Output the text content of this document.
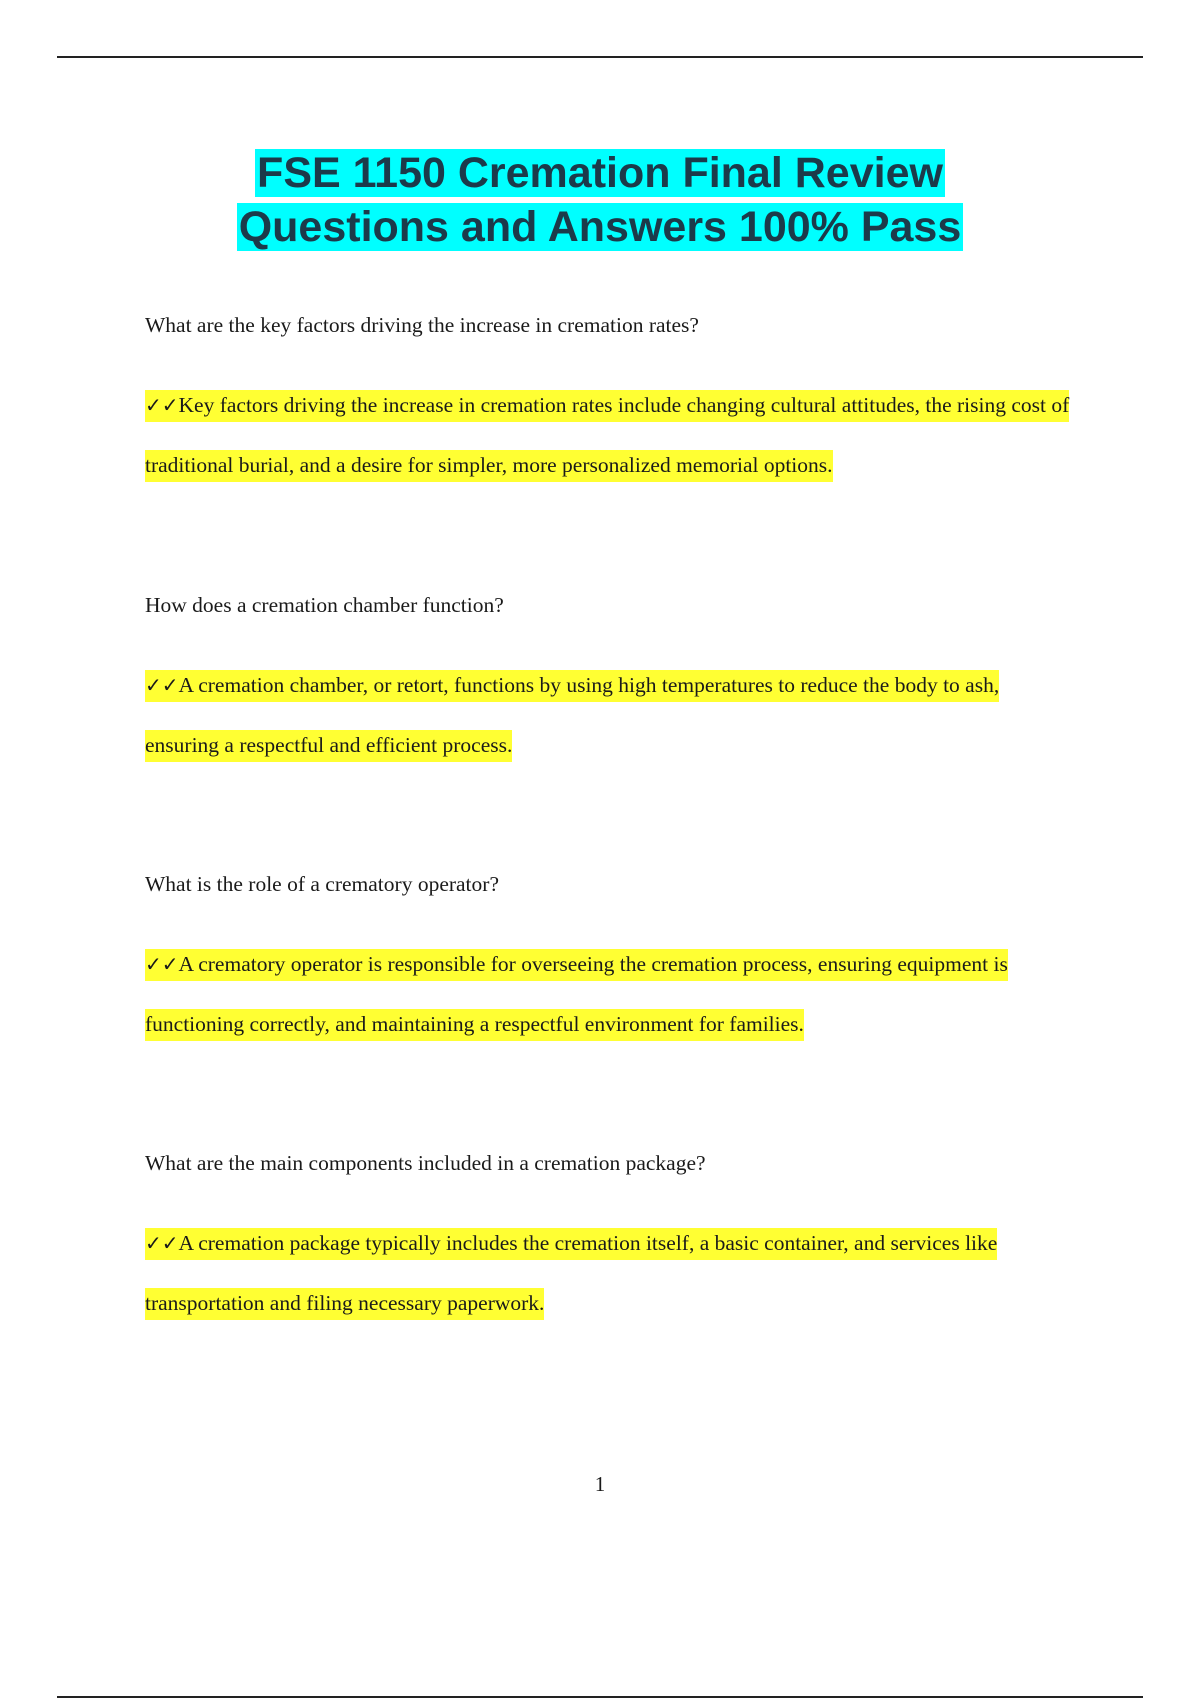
FSE 1150 Cremation Final Review
Questions and Answers 100% Pass
What are the key factors driving the increase in cremation rates?
✓✓Key factors driving the increase in cremation rates include changing cultural attitudes, the rising cost of traditional burial, and a desire for simpler, more personalized memorial options.
How does a cremation chamber function?
✓✓A cremation chamber, or retort, functions by using high temperatures to reduce the body to ash, ensuring a respectful and efficient process.
What is the role of a crematory operator?
✓✓A crematory operator is responsible for overseeing the cremation process, ensuring equipment is functioning correctly, and maintaining a respectful environment for families.
What are the main components included in a cremation package?
✓✓A cremation package typically includes the cremation itself, a basic container, and services like transportation and filing necessary paperwork.
1
